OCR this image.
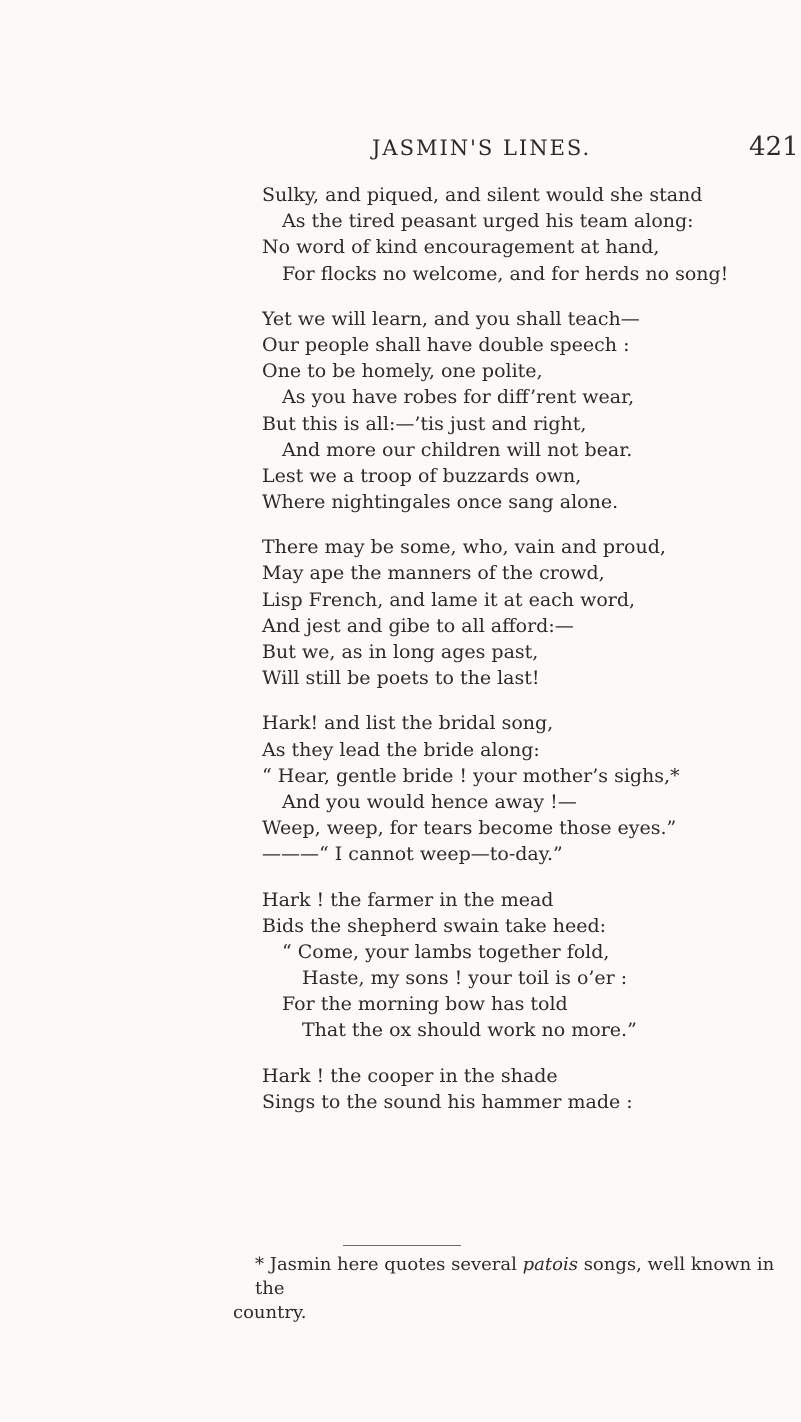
JASMIN'S LINES.	421
Sulky, and piqued, and silent would she stand
As the tired peasant urged his team along:
No word of kind encouragement at hand,
For flocks no welcome, and for herds no song!
Yet we will learn, and you shall teach—
Our people shall have double speech :
One to be homely, one polite,
As you have robes for diff’rent wear,
But this is all:—’tis just and right,
And more our children will not bear.
Lest we a troop of buzzards own,
Where nightingales once sang alone.
There may be some, who, vain and proud,
May ape the manners of the crowd,
Lisp French, and lame it at each word,
And jest and gibe to all afford:—
But we, as in long ages past,
Will still be poets to the last!
Hark! and list the bridal song,
As they lead the bride along:
“ Hear, gentle bride ! your mother’s sighs,*
And you would hence away !—
Weep, weep, for tears become those eyes.”
———“ I cannot weep—to-day.”
Hark ! the farmer in the mead
Bids the shepherd swain take heed:
“ Come, your lambs together fold,
Haste, my sons ! your toil is o’er :
For the morning bow has told
That the ox should work no more.”
Hark ! the cooper in the shade
Sings to the sound his hammer made :
* Jasmin here quotes several patois songs, well known in the
country.
